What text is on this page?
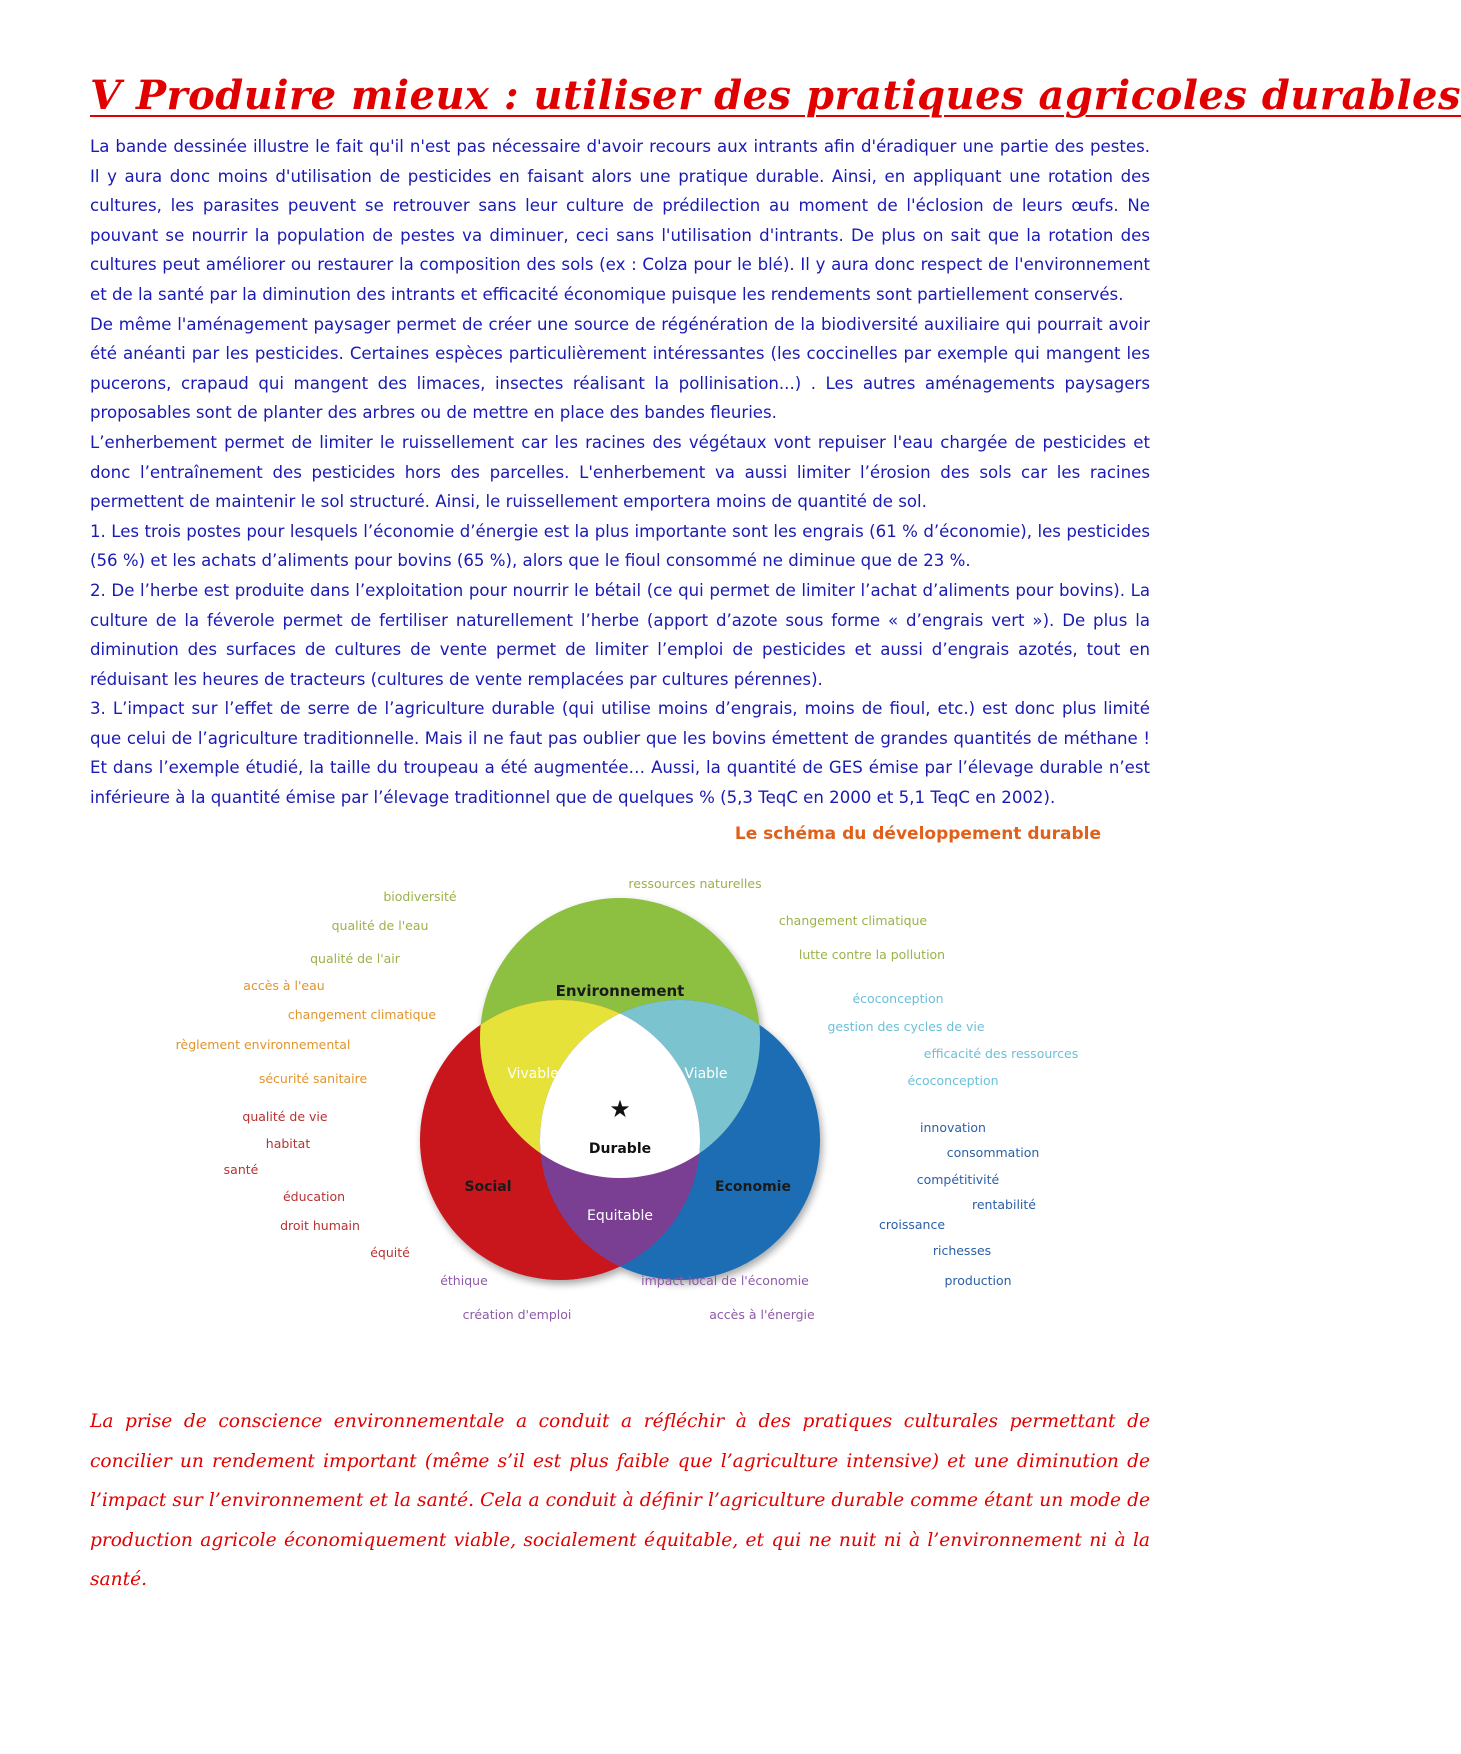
V Produire mieux : utiliser des pratiques agricoles durables

La bande dessinée illustre le fait qu'il n'est pas nécessaire d'avoir recours aux intrants afin d'éradiquer une partie des pestes. Il y aura donc moins d'utilisation de pesticides en faisant alors une pratique durable. Ainsi, en appliquant une rotation des cultures, les parasites peuvent se retrouver sans leur culture de prédilection au moment de l'éclosion de leurs œufs. Ne pouvant se nourrir la population de pestes va diminuer, ceci sans l'utilisation d'intrants. De plus on sait que la rotation des cultures peut améliorer ou restaurer la composition des sols (ex : Colza pour le blé). Il y aura donc respect de l'environnement et de la santé par la diminution des intrants et efficacité économique puisque les rendements sont partiellement conservés.

De même l'aménagement paysager permet de créer une source de régénération de la biodiversité auxiliaire qui pourrait avoir été anéanti par les pesticides. Certaines espèces particulièrement intéressantes (les coccinelles par exemple qui mangent les pucerons, crapaud qui mangent des limaces, insectes réalisant la pollinisation...) . Les autres aménagements paysagers proposables sont de planter des arbres ou de mettre en place des bandes fleuries.

L’enherbement permet de limiter le ruissellement car les racines des végétaux vont repuiser l'eau chargée de pesticides et donc l’entraînement des pesticides hors des parcelles. L'enherbement va aussi limiter l’érosion des sols car les racines permettent de maintenir le sol structuré. Ainsi, le ruissellement emportera moins de quantité de sol.

1. Les trois postes pour lesquels l’économie d’énergie est la plus importante sont les engrais (61 % d’économie), les pesticides (56 %) et les achats d’aliments pour bovins (65 %), alors que le fioul consommé ne diminue que de 23 %.

2. De l’herbe est produite dans l’exploitation pour nourrir le bétail (ce qui permet de limiter l’achat d’aliments pour bovins). La culture de la féverole permet de fertiliser naturellement l’herbe (apport d’azote sous forme « d’engrais vert »). De plus la diminution des surfaces de cultures de vente permet de limiter l’emploi de pesticides et aussi d’engrais azotés, tout en réduisant les heures de tracteurs (cultures de vente remplacées par cultures pérennes).

3. L’impact sur l’effet de serre de l’agriculture durable (qui utilise moins d’engrais, moins de fioul, etc.) est donc plus limité que celui de l’agriculture traditionnelle. Mais il ne faut pas oublier que les bovins émettent de grandes quantités de méthane ! Et dans l’exemple étudié, la taille du troupeau a été augmentée… Aussi, la quantité de GES émise par l’élevage durable n’est inférieure à la quantité émise par l’élevage traditionnel que de quelques % (5,3 TeqC en 2000 et 5,1 TeqC en 2002).

Le schéma du développement durable
Environnement
Social	Economie
Vivable	Viable
Equitable
★
Durable
ressources naturelles
biodiversité
qualité de l'eau	changement climatique
lutte contre la pollution
qualité de l'air
accès à l'eau
changement climatique
règlement environnemental
sécurité sanitaire
écoconception
gestion des cycles de vie
efficacité des ressources
écoconception
qualité de vie
habitat
santé
éducation
droit humain
équité
innovation
consommation
compétitivité
rentabilité
croissance
richesses
production
éthique	impact local de l'économie
création d'emploi	accès à l'énergie

La prise de conscience environnementale a conduit a réfléchir à des pratiques culturales permettant de concilier un rendement important (même s’il est plus faible que l’agriculture intensive) et une diminution de l’impact sur l’environnement et la santé. Cela a conduit à définir l’agriculture durable comme étant un mode de production agricole économiquement viable, socialement équitable, et qui ne nuit ni à l’environnement ni à la santé.
